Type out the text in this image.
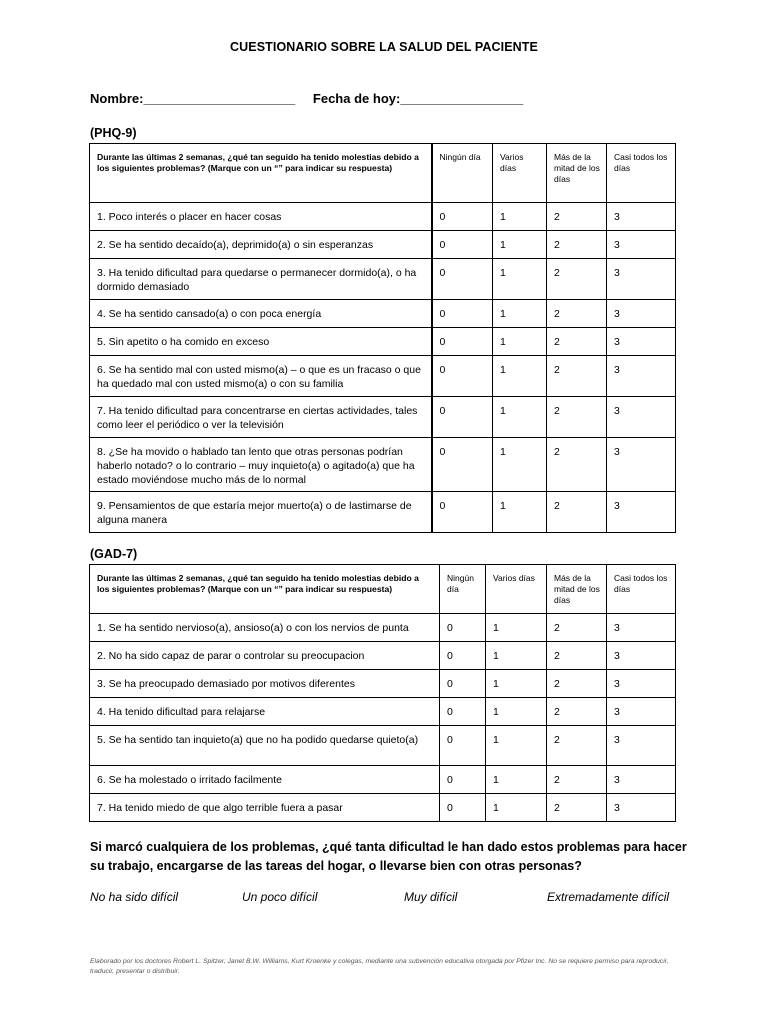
CUESTIONARIO SOBRE LA SALUD DEL PACIENTE
Nombre:_____________________ Fecha de hoy:_________________
(PHQ-9)
Durante las últimas 2 semanas, ¿qué tan seguido ha tenido molestias debido a los siguientes problemas? (Marque con un “” para indicar su respuesta)	Ningún día	Varios días	Más de la mitad de los días	Casi todos los días
1. Poco interés o placer en hacer cosas	0	1	2	3
2. Se ha sentido decaído(a), deprimido(a) o sin esperanzas	0	1	2	3
3. Ha tenido dificultad para quedarse o permanecer dormido(a), o ha dormido demasiado	0	1	2	3
4. Se ha sentido cansado(a) o con poca energía	0	1	2	3
5. Sin apetito o ha comido en exceso	0	1	2	3
6. Se ha sentido mal con usted mismo(a) – o que es un fracaso o que ha quedado mal con usted mismo(a) o con su familia	0	1	2	3
7. Ha tenido dificultad para concentrarse en ciertas actividades, tales como leer el periódico o ver la televisión	0	1	2	3
8. ¿Se ha movido o hablado tan lento que otras personas podrían haberlo notado? o lo contrario – muy inquieto(a) o agitado(a) que ha estado moviéndose mucho más de lo normal	0	1	2	3
9. Pensamientos de que estaría mejor muerto(a) o de lastimarse de alguna manera	0	1	2	3
(GAD-7)
Durante las últimas 2 semanas, ¿qué tan seguido ha tenido molestias debido a los siguientes problemas? (Marque con un “” para indicar su respuesta)	Ningún día	Varios días	Más de la mitad de los días	Casi todos los días
1. Se ha sentido nervioso(a), ansioso(a) o con los nervios de punta	0	1	2	3
2. No ha sido capaz de parar o controlar su preocupacion	0	1	2	3
3. Se ha preocupado demasiado por motivos diferentes	0	1	2	3
4. Ha tenido dificultad para relajarse	0	1	2	3
5. Se ha sentido tan inquieto(a) que no ha podido quedarse quieto(a)	0	1	2	3
6. Se ha molestado o irritado facilmente	0	1	2	3
7. Ha tenido miedo de que algo terrible fuera a pasar	0	1	2	3
Si marcó cualquiera de los problemas, ¿qué tanta dificultad le han dado estos problemas para hacer su trabajo, encargarse de las tareas del hogar, o llevarse bien con otras personas?
No ha sido difícil	Un poco difícil	Muy difícil	Extremadamente difícil
Elaborado por los doctores Robert L. Spitzer, Janet B.W. Williams, Kurt Kroenke y colegas, mediante una subvención educativa otorgada por Pfizer Inc. No se requiere permiso para reproducir, traducir, presentar o distribuir.
